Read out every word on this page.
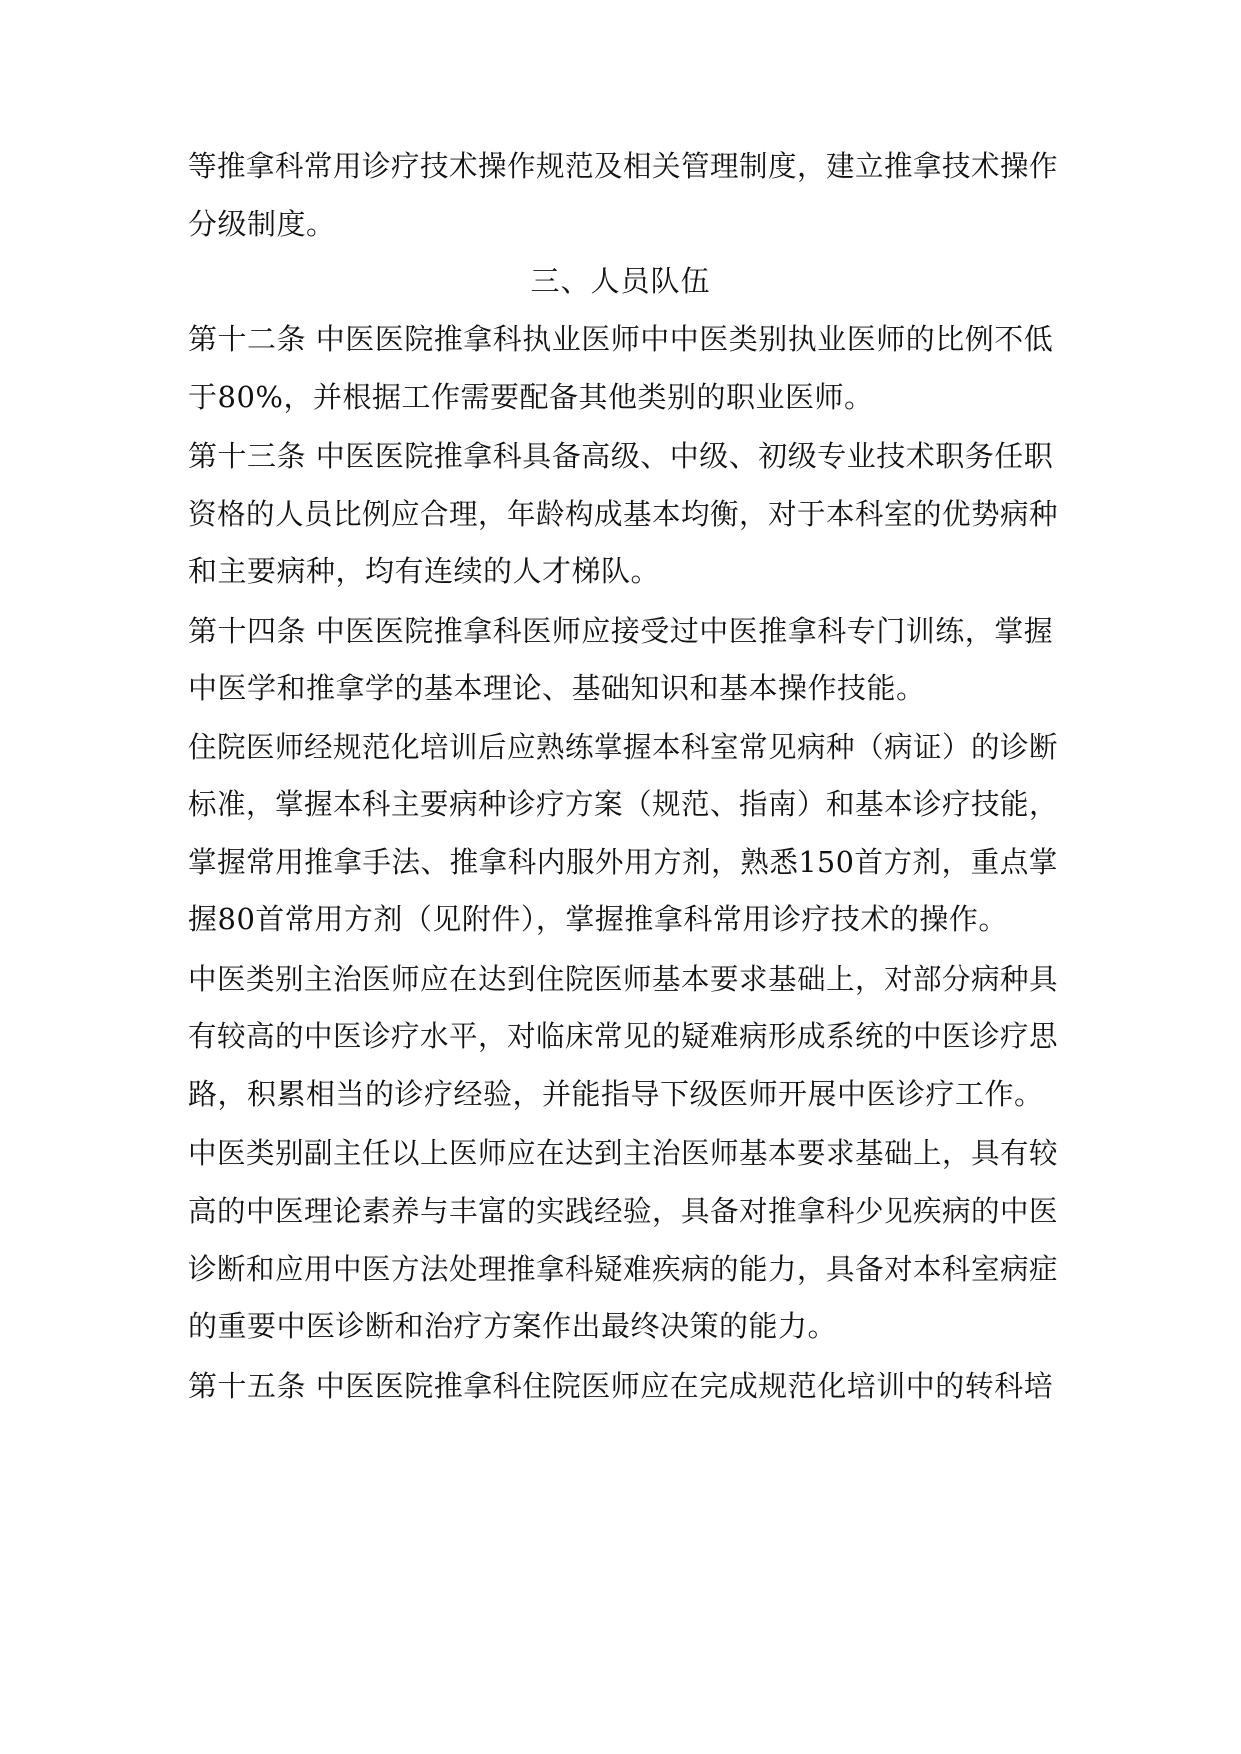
等推拿科常用诊疗技术操作规范及相关管理制度，建立推拿技术操作
分级制度。
三、人员队伍
第十二条 中医医院推拿科执业医师中中医类别执业医师的比例不低
于80%，并根据工作需要配备其他类别的职业医师。
第十三条 中医医院推拿科具备高级、中级、初级专业技术职务任职
资格的人员比例应合理，年龄构成基本均衡，对于本科室的优势病种
和主要病种，均有连续的人才梯队。
第十四条 中医医院推拿科医师应接受过中医推拿科专门训练，掌握
中医学和推拿学的基本理论、基础知识和基本操作技能。
住院医师经规范化培训后应熟练掌握本科室常见病种（病证）的诊断
标准，掌握本科主要病种诊疗方案（规范、指南）和基本诊疗技能，
掌握常用推拿手法、推拿科内服外用方剂，熟悉150首方剂，重点掌
握80首常用方剂（见附件），掌握推拿科常用诊疗技术的操作。
中医类别主治医师应在达到住院医师基本要求基础上，对部分病种具
有较高的中医诊疗水平，对临床常见的疑难病形成系统的中医诊疗思
路，积累相当的诊疗经验，并能指导下级医师开展中医诊疗工作。
中医类别副主任以上医师应在达到主治医师基本要求基础上，具有较
高的中医理论素养与丰富的实践经验，具备对推拿科少见疾病的中医
诊断和应用中医方法处理推拿科疑难疾病的能力，具备对本科室病症
的重要中医诊断和治疗方案作出最终决策的能力。
第十五条 中医医院推拿科住院医师应在完成规范化培训中的转科培
